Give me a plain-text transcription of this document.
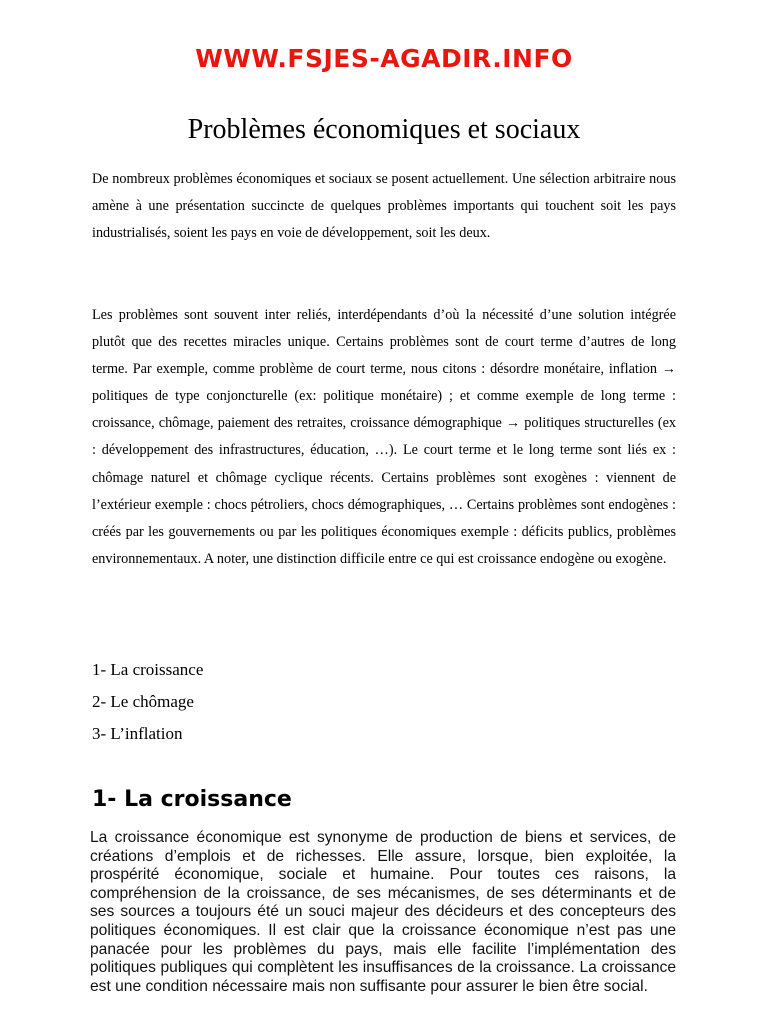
WWW.FSJES-AGADIR.INFO
Problèmes économiques et sociaux

De nombreux problèmes économiques et sociaux se posent actuellement. Une sélection arbitraire nous amène à une présentation succincte de quelques problèmes importants qui touchent soit les pays industrialisés, soient les pays en voie de développement, soit les deux.

Les problèmes sont souvent inter reliés, interdépendants d’où la nécessité d’une solution intégrée plutôt que des recettes miracles unique. Certains problèmes sont de court terme d’autres de long terme. Par exemple, comme problème de court terme, nous citons : désordre monétaire, inflation → politiques de type conjoncturelle (ex: politique monétaire) ; et comme exemple de long terme : croissance, chômage, paiement des retraites, croissance démographique → politiques structurelles (ex : développement des infrastructures, éducation, …). Le court terme et le long terme sont liés ex : chômage naturel et chômage cyclique récents. Certains problèmes sont exogènes : viennent de l’extérieur exemple : chocs pétroliers, chocs démographiques, … Certains problèmes sont endogènes : créés par les gouvernements ou par les politiques économiques exemple : déficits publics, problèmes environnementaux. A noter, une distinction difficile entre ce qui est croissance endogène ou exogène.

1- La croissance
2- Le chômage
3- L’inflation
1- La croissance

La croissance économique est synonyme de production de biens et services, de créations d’emplois et de richesses. Elle assure, lorsque, bien exploitée, la prospérité économique, sociale et humaine. Pour toutes ces raisons, la compréhension de la croissance, de ses mécanismes, de ses déterminants et de ses sources a toujours été un souci majeur des décideurs et des concepteurs des politiques économiques. Il est clair que la croissance économique n’est pas une panacée pour les problèmes du pays, mais elle facilite l’implémentation des politiques publiques qui complètent les insuffisances de la croissance. La croissance est une condition nécessaire mais non suffisante pour assurer le bien être social.
